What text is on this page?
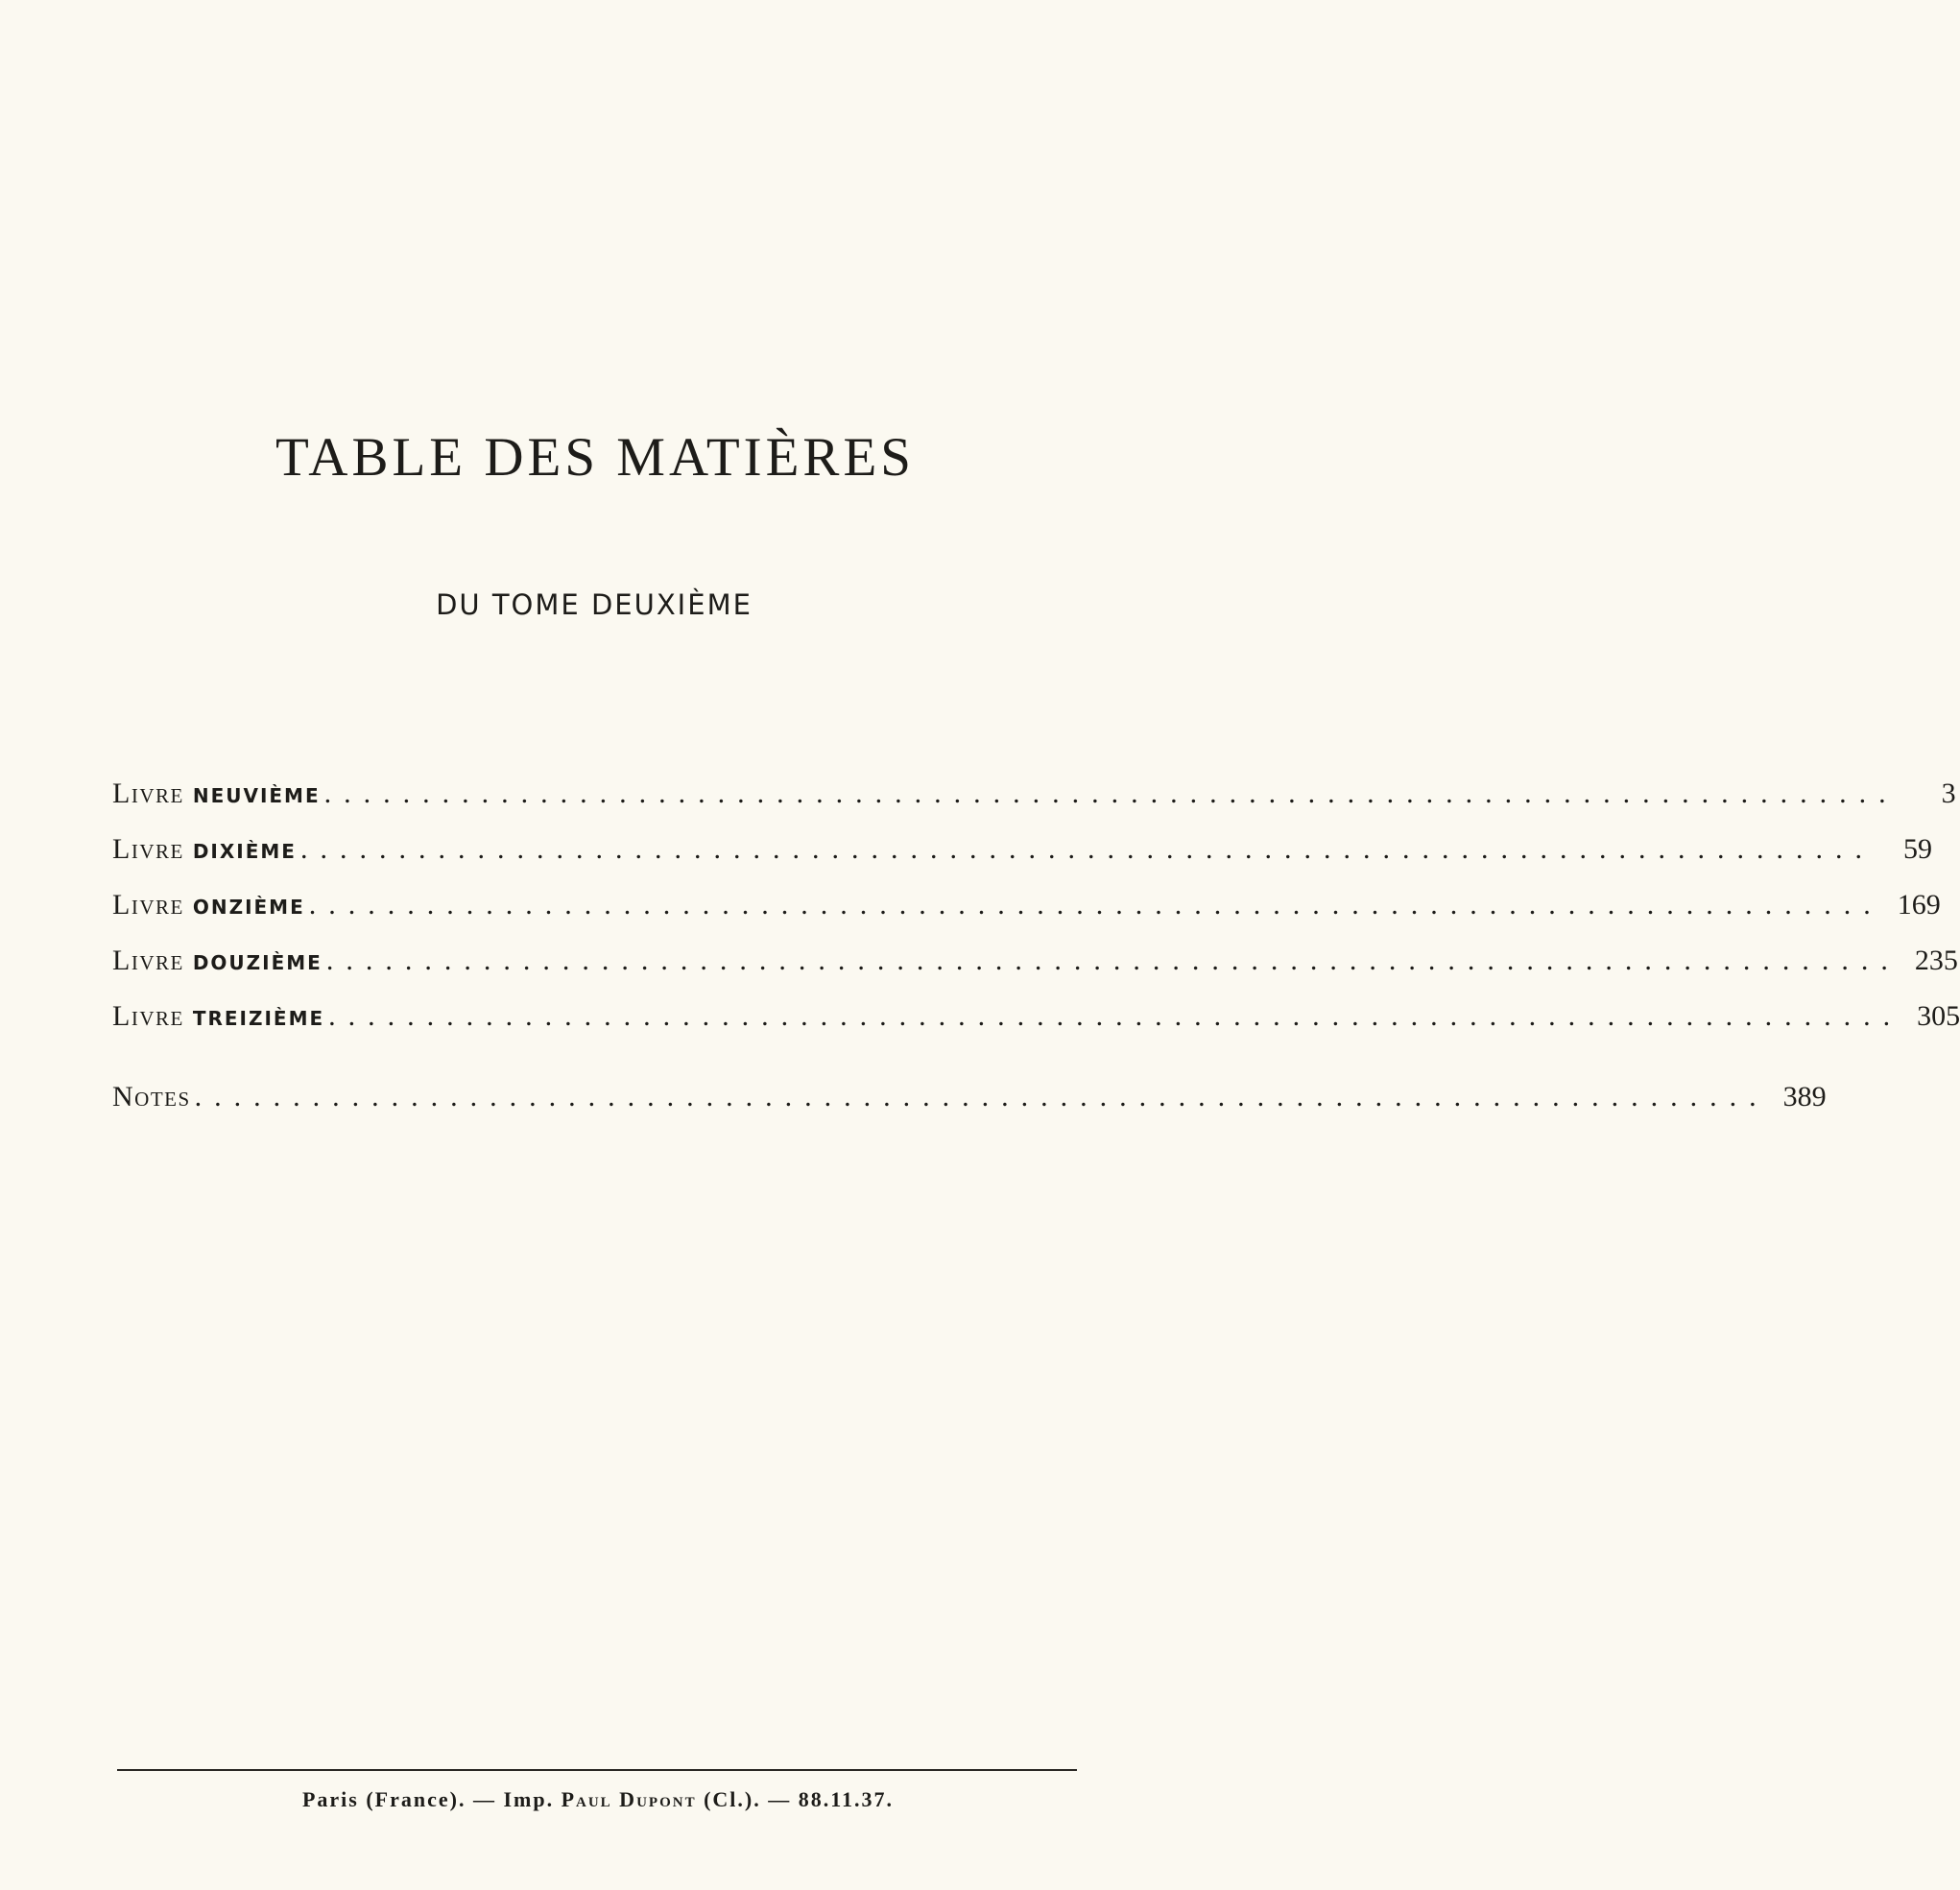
TABLE DES MATIÈRES
DU TOME DEUXIÈME
Livre NEUVIÈME ................................................................................	3
Livre DIXIÈME ................................................................................	59
Livre ONZIÈME ................................................................................ 169
Livre DOUZIÈME ................................................................................ 235
Livre TREIZIÈME ................................................................................ 305
Notes ................................................................................ 389
Paris (France). — Imp. Paul Dupont (Cl.). — 88.11.37.
